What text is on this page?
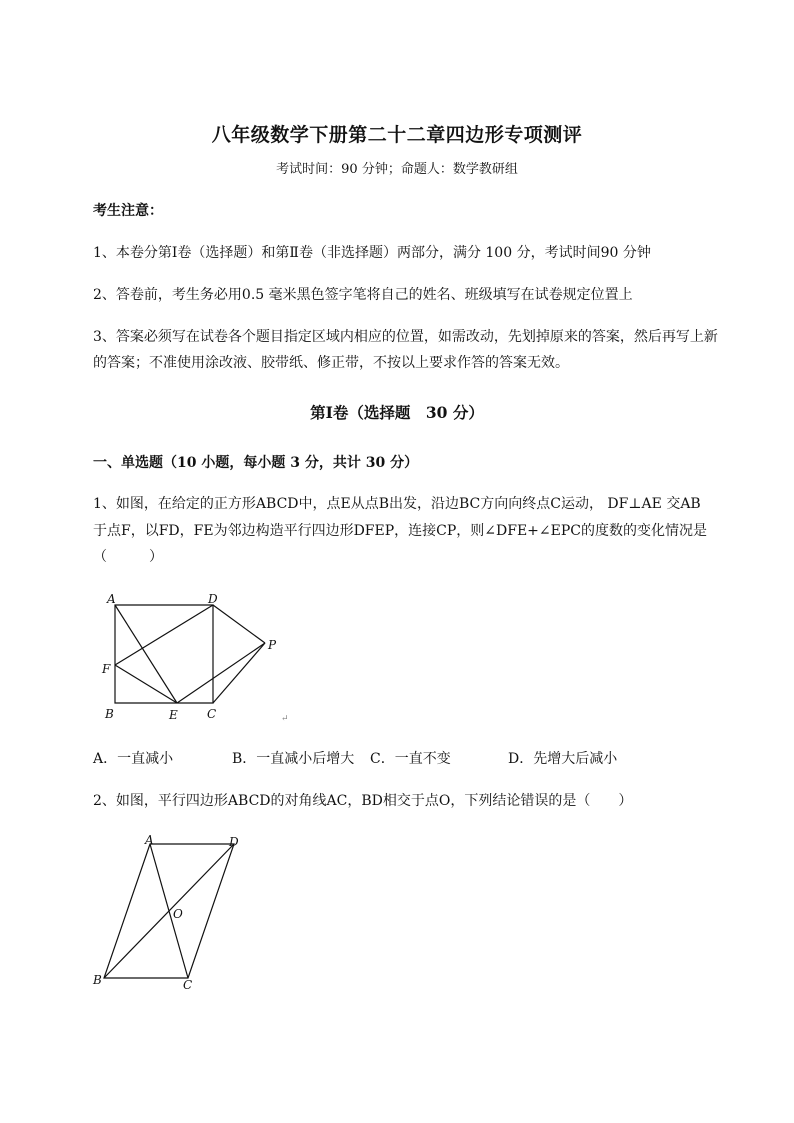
八年级数学下册第二十二章四边形专项测评
考试时间：90 分钟；命题人：数学教研组
考生注意：
1、本卷分第Ⅰ卷（选择题）和第Ⅱ卷（非选择题）两部分，满分 100 分，考试时间90 分钟
2、答卷前，考生务必用0.5 毫米黑色签字笔将自己的姓名、班级填写在试卷规定位置上
3、答案必须写在试卷各个题目指定区域内相应的位置，如需改动，先划掉原来的答案，然后再写上新
的答案；不准使用涂改液、胶带纸、修正带，不按以上要求作答的答案无效。
第Ⅰ卷（选择题　30 分）
一、单选题（10 小题，每小题 3 分，共计 30 分）
1、如图，在给定的正方形ABCD中，点E从点B出发，沿边BC方向向终点C运动， DF⊥AE 交AB
于点F，以FD，FE为邻边构造平行四边形DFEP，连接CP，则∠DFE+∠EPC的度数的变化情况是
（　　　）
A	D
P
F
B	E C	↵
A．一直减小	B．一直减小后增大 C．一直不变	D．先增大后减小
2、如图，平行四边形ABCD的对角线AC，BD相交于点O，下列结论错误的是（　　）
A	D
O
B	C
